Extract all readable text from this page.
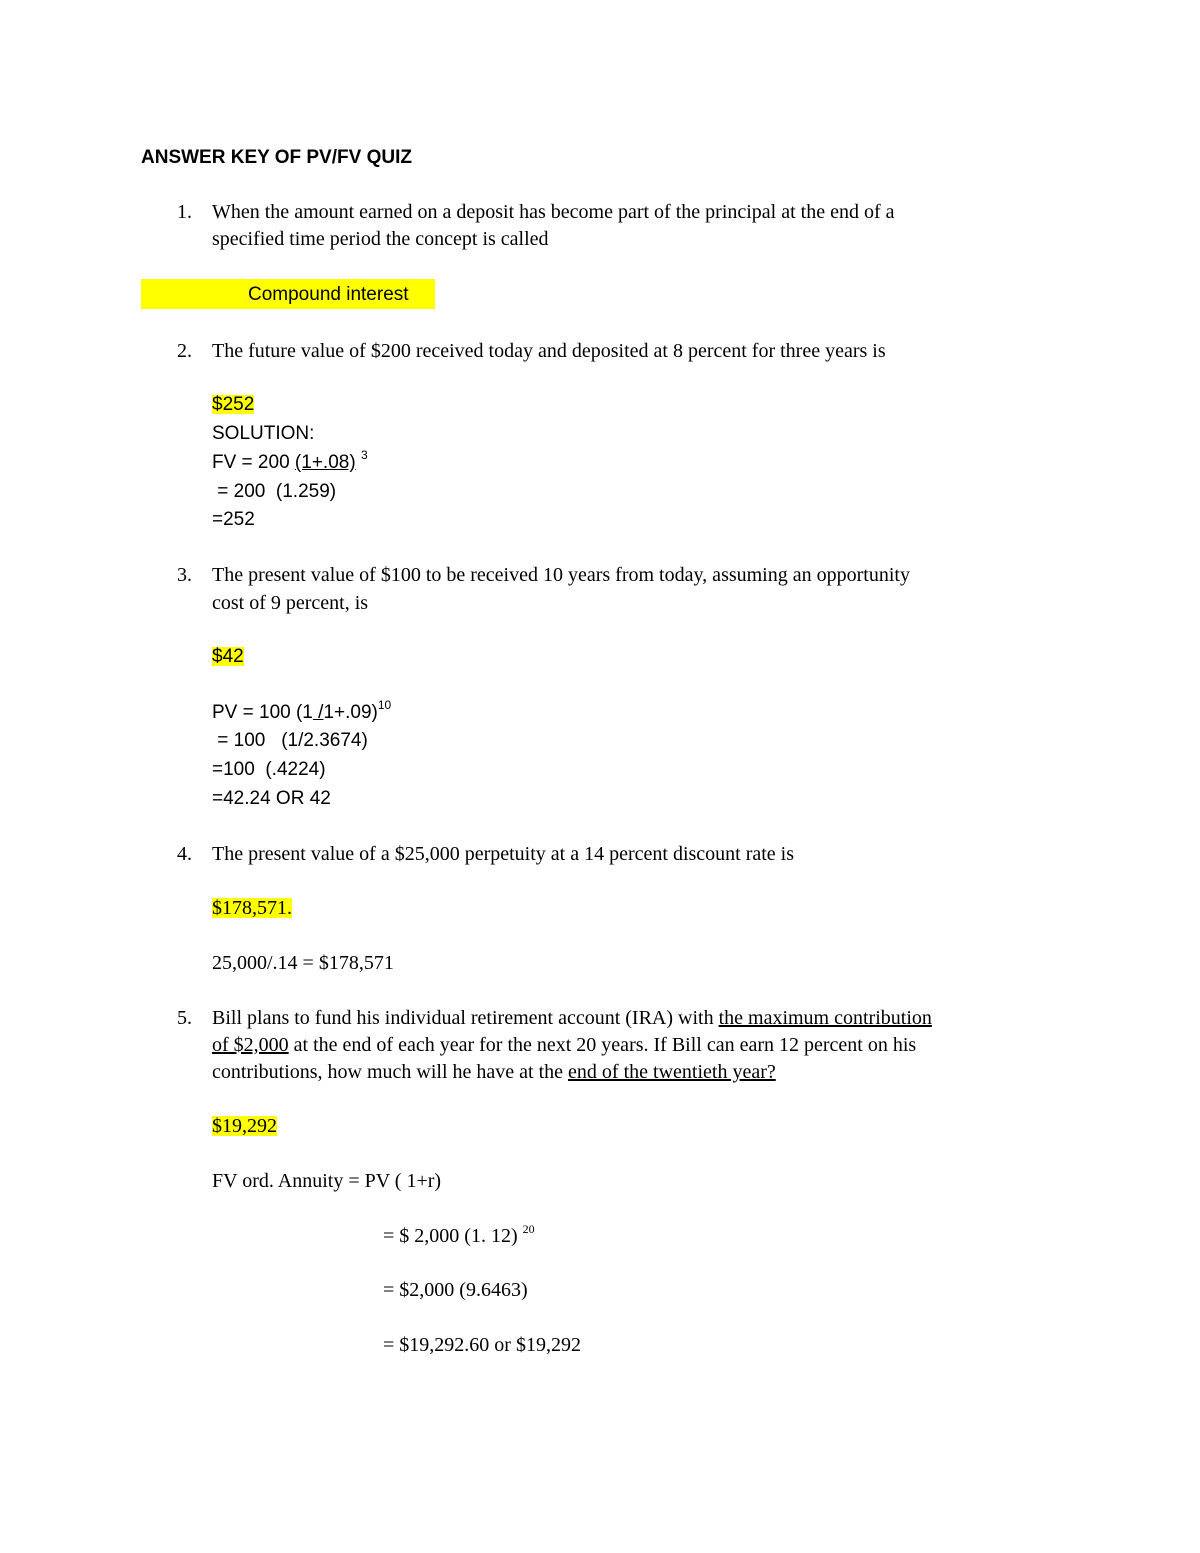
ANSWER KEY OF PV/FV QUIZ
1. When the amount earned on a deposit has become part of the principal at the end of a
specified time period the concept is called
Compound interest
2. The future value of $200 received today and deposited at 8 percent for three years is
$252
SOLUTION:
FV = 200 (1+.08) $^3$
= 200  (1.259)
=252
3. The present value of $100 to be received 10 years from today, assuming an opportunity
cost of 9 percent, is
$42
PV = 100 (1 /1+.09)$^{10}$
= 100   (1/2.3674)
=100  (.4224)
=42.24 OR 42
4. The present value of a $25,000 perpetuity at a 14 percent discount rate is
$178,571.
25,000/.14 = $178,571
5. Bill plans to fund his individual retirement account (IRA) with the maximum contribution
of $2,000 at the end of each year for the next 20 years. If Bill can earn 12 percent on his
contributions, how much will he have at the end of the twentieth year?
$19,292
FV ord. Annuity = PV ( 1+r)
= $ 2,000 (1. 12) $^{20}$
= $2,000 (9.6463)
= $19,292.60 or $19,292
